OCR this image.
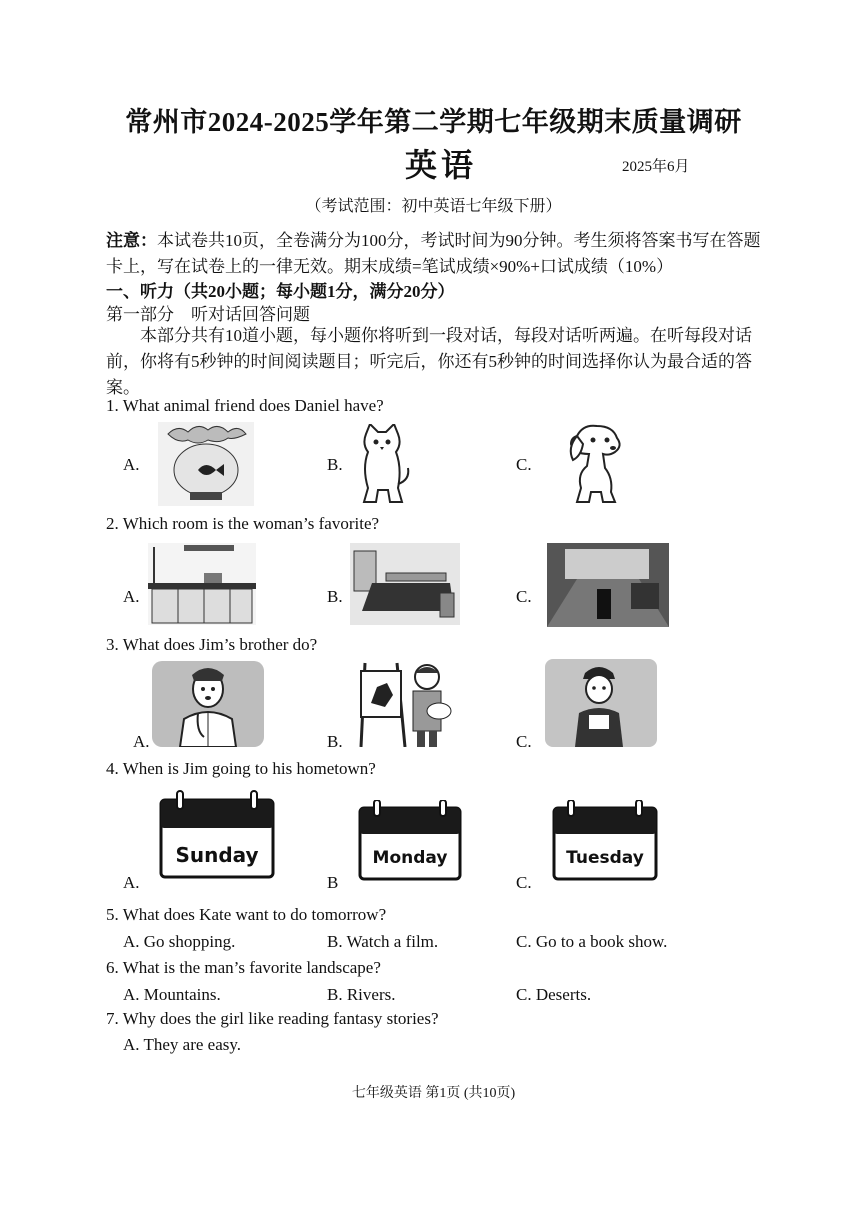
常州市2024-2025学年第二学期七年级期末质量调研
英语	2025年6月
（考试范围：初中英语七年级下册）
注意：本试卷共10页，全卷满分为100分，考试时间为90分钟。考生须将答案书写在答题卡上，写在试卷上的一律无效。期末成绩=笔试成绩×90%+口试成绩（10%）
一、听力（共20小题；每小题1分，满分20分）
第一部分　听对话回答问题
本部分共有10道小题，每小题你将听到一段对话，每段对话听两遍。在听每段对话前，你将有5秒钟的时间阅读题目；听完后，你还有5秒钟的时间选择你认为最合适的答案。
1. What animal friend does Daniel have?
A.	B.	C.
2. Which room is the woman’s favorite?
A.	B.	C.
3. What does Jim’s brother do?
A.	B.	C.
4. When is Jim going to his hometown?
A.	B	C.
Sunday	Monday	Tuesday
5. What does Kate want to do tomorrow?
A. Go shopping.	B. Watch a film.	C. Go to a book show.
6. What is the man’s favorite landscape?
A. Mountains.	B. Rivers.	C. Deserts.
7. Why does the girl like reading fantasy stories?
A. They are easy.
七年级英语 第1页 (共10页)
